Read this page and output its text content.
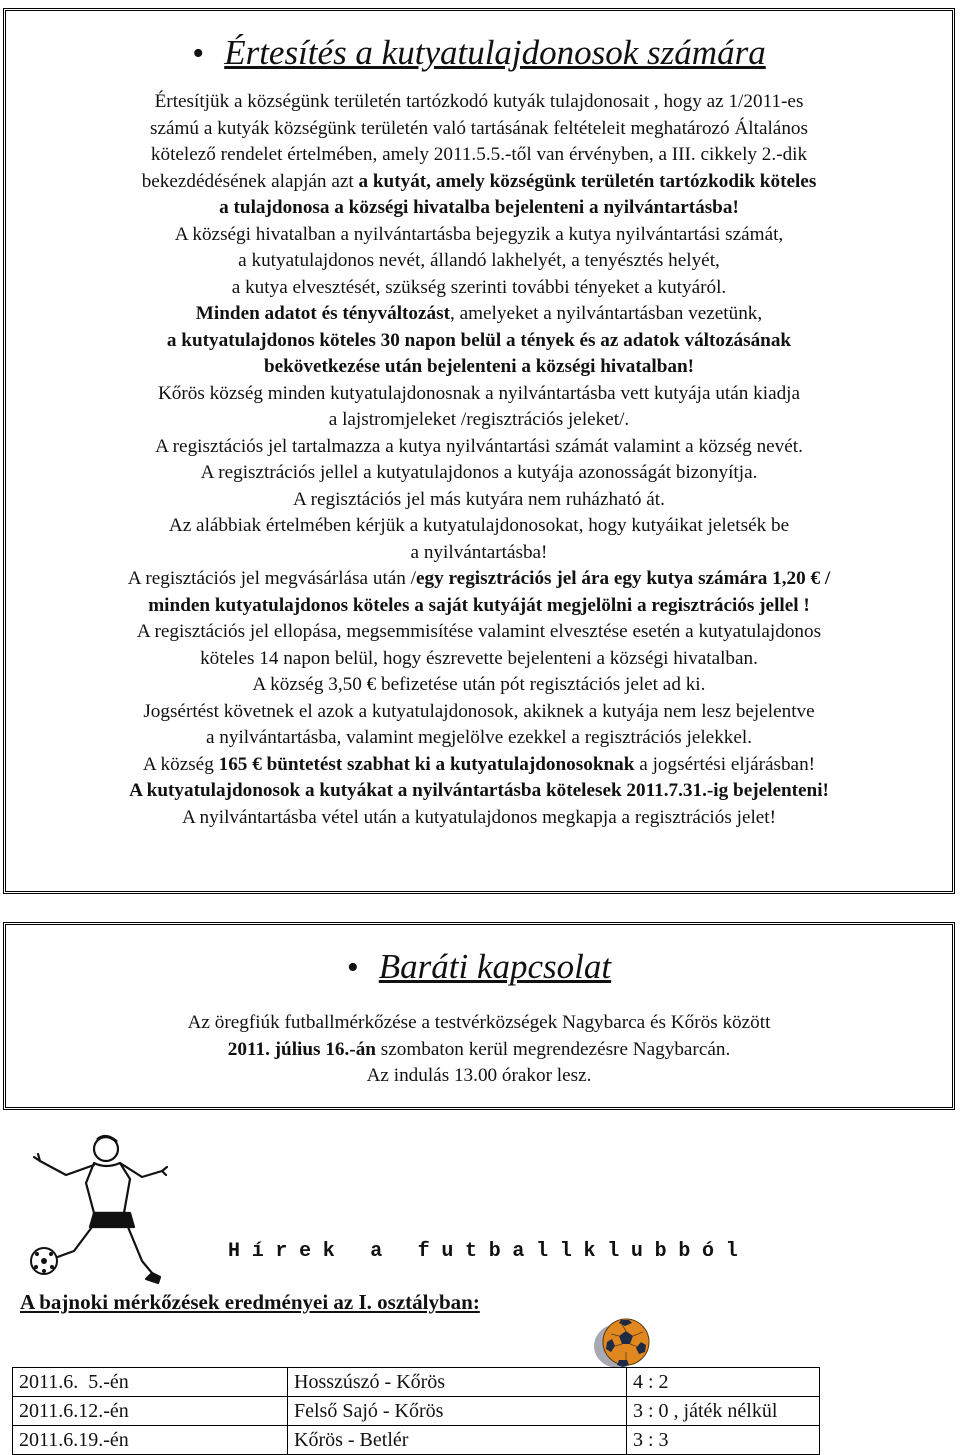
• Értesítés a kutyatulajdonosok számára
Értesítjük a községünk területén tartózkodó kutyák tulajdonosait , hogy az 1/2011-es
számú a kutyák községünk területén való tartásának feltételeit meghatározó Általános
kötelező rendelet értelmében, amely 2011.5.5.-től van érvényben, a III. cikkely 2.-dik
bekezdédésének alapján azt a kutyát, amely községünk területén tartózkodik köteles
a tulajdonosa a községi hivatalba bejelenteni a nyilvántartásba!
A községi hivatalban a nyilvántartásba bejegyzik a kutya nyilvántartási számát,
a kutyatulajdonos nevét, állandó lakhelyét, a tenyésztés helyét,
a kutya elvesztését, szükség szerinti további tényeket a kutyáról.
Minden adatot és tényváltozást, amelyeket a nyilvántartásban vezetünk,
a kutyatulajdonos köteles 30 napon belül a tények és az adatok változásának
bekövetkezése után bejelenteni a községi hivatalban!
Kőrös község minden kutyatulajdonosnak a nyilvántartásba vett kutyája után kiadja
a lajstromjeleket /regisztrációs jeleket/.
A regisztációs jel tartalmazza a kutya nyilvántartási számát valamint a község nevét.
A regisztrációs jellel a kutyatulajdonos a kutyája azonosságát bizonyítja.
A regisztációs jel más kutyára nem ruházható át.
Az alábbiak értelmében kérjük a kutyatulajdonosokat, hogy kutyáikat jeletsék be
a nyilvántartásba!
A regisztációs jel megvásárlása után /egy regisztrációs jel ára egy kutya számára 1,20 € /
minden kutyatulajdonos köteles a saját kutyáját megjelölni a regisztrációs jellel !
A regisztációs jel ellopása, megsemmisítése valamint elvesztése esetén a kutyatulajdonos
köteles 14 napon belül, hogy észrevette bejelenteni a községi hivatalban.
A község 3,50 € befizetése után pót regisztációs jelet ad ki.
Jogsértést követnek el azok a kutyatulajdonosok, akiknek a kutyája nem lesz bejelentve
a nyilvántartásba, valamint megjelölve ezekkel a regisztrációs jelekkel.
A község 165 € büntetést szabhat ki a kutyatulajdonosoknak a jogsértési eljárásban!
A kutyatulajdonosok a kutyákat a nyilvántartásba kötelesek 2011.7.31.-ig bejelenteni!
A nyilvántartásba vétel után a kutyatulajdonos megkapja a regisztrációs jelet!
• Baráti kapcsolat
Az öregfiúk futballmérkőzése a testvérközségek Nagybarca és Kőrös között
2011. július 16.-án szombaton kerül megrendezésre Nagybarcán.
Az indulás 13.00 órakor lesz.
Hírek a futballklubból
A bajnoki mérkőzések eredményei az I. osztályban:
2011.6.  5.-én	Hosszúszó - Kőrös	4 : 2
2011.6.12.-én	Felső Sajó - Kőrös	3 : 0 , játék nélkül
2011.6.19.-én	Kőrös - Betlér	3 : 3
